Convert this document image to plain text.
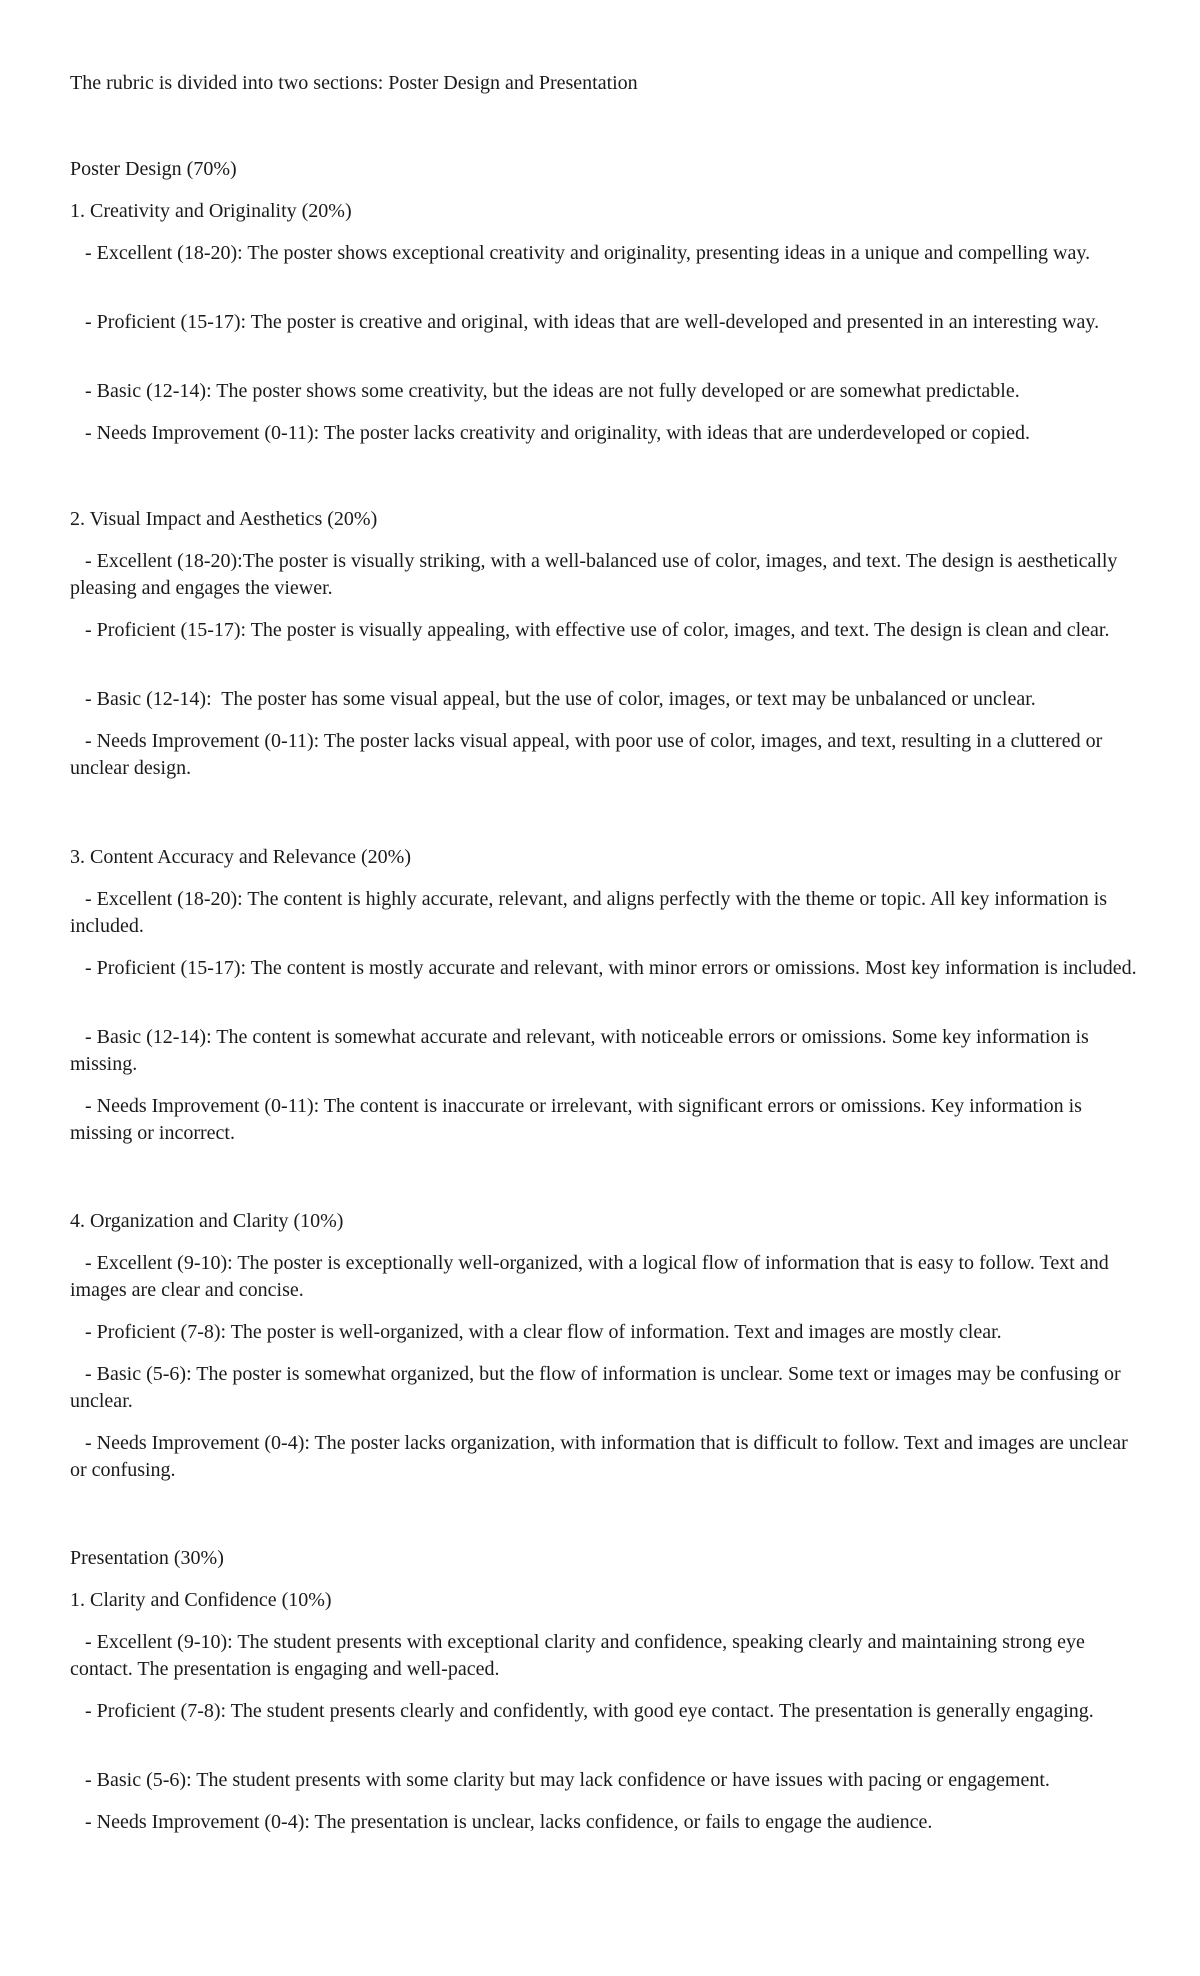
The rubric is divided into two sections: Poster Design and Presentation
Poster Design (70%)
1. Creativity and Originality (20%)
- Excellent (18-20): The poster shows exceptional creativity and originality, presenting ideas in a unique and compelling way.
- Proficient (15-17): The poster is creative and original, with ideas that are well-developed and presented in an interesting way.
- Basic (12-14): The poster shows some creativity, but the ideas are not fully developed or are somewhat predictable.
- Needs Improvement (0-11): The poster lacks creativity and originality, with ideas that are underdeveloped or copied.
2. Visual Impact and Aesthetics (20%)
- Excellent (18-20):The poster is visually striking, with a well-balanced use of color, images, and text. The design is aesthetically pleasing and engages the viewer.
- Proficient (15-17): The poster is visually appealing, with effective use of color, images, and text. The design is clean and clear.
- Basic (12-14):  The poster has some visual appeal, but the use of color, images, or text may be unbalanced or unclear.
- Needs Improvement (0-11): The poster lacks visual appeal, with poor use of color, images, and text, resulting in a cluttered or unclear design.
3. Content Accuracy and Relevance (20%)
- Excellent (18-20): The content is highly accurate, relevant, and aligns perfectly with the theme or topic. All key information is included.
- Proficient (15-17): The content is mostly accurate and relevant, with minor errors or omissions. Most key information is included.
- Basic (12-14): The content is somewhat accurate and relevant, with noticeable errors or omissions. Some key information is missing.
- Needs Improvement (0-11): The content is inaccurate or irrelevant, with significant errors or omissions. Key information is missing or incorrect.
4. Organization and Clarity (10%)
- Excellent (9-10): The poster is exceptionally well-organized, with a logical flow of information that is easy to follow. Text and images are clear and concise.
- Proficient (7-8): The poster is well-organized, with a clear flow of information. Text and images are mostly clear.
- Basic (5-6): The poster is somewhat organized, but the flow of information is unclear. Some text or images may be confusing or unclear.
- Needs Improvement (0-4): The poster lacks organization, with information that is difficult to follow. Text and images are unclear or confusing.
Presentation (30%)
1. Clarity and Confidence (10%)
- Excellent (9-10): The student presents with exceptional clarity and confidence, speaking clearly and maintaining strong eye contact. The presentation is engaging and well-paced.
- Proficient (7-8): The student presents clearly and confidently, with good eye contact. The presentation is generally engaging.
- Basic (5-6): The student presents with some clarity but may lack confidence or have issues with pacing or engagement.
- Needs Improvement (0-4): The presentation is unclear, lacks confidence, or fails to engage the audience.
